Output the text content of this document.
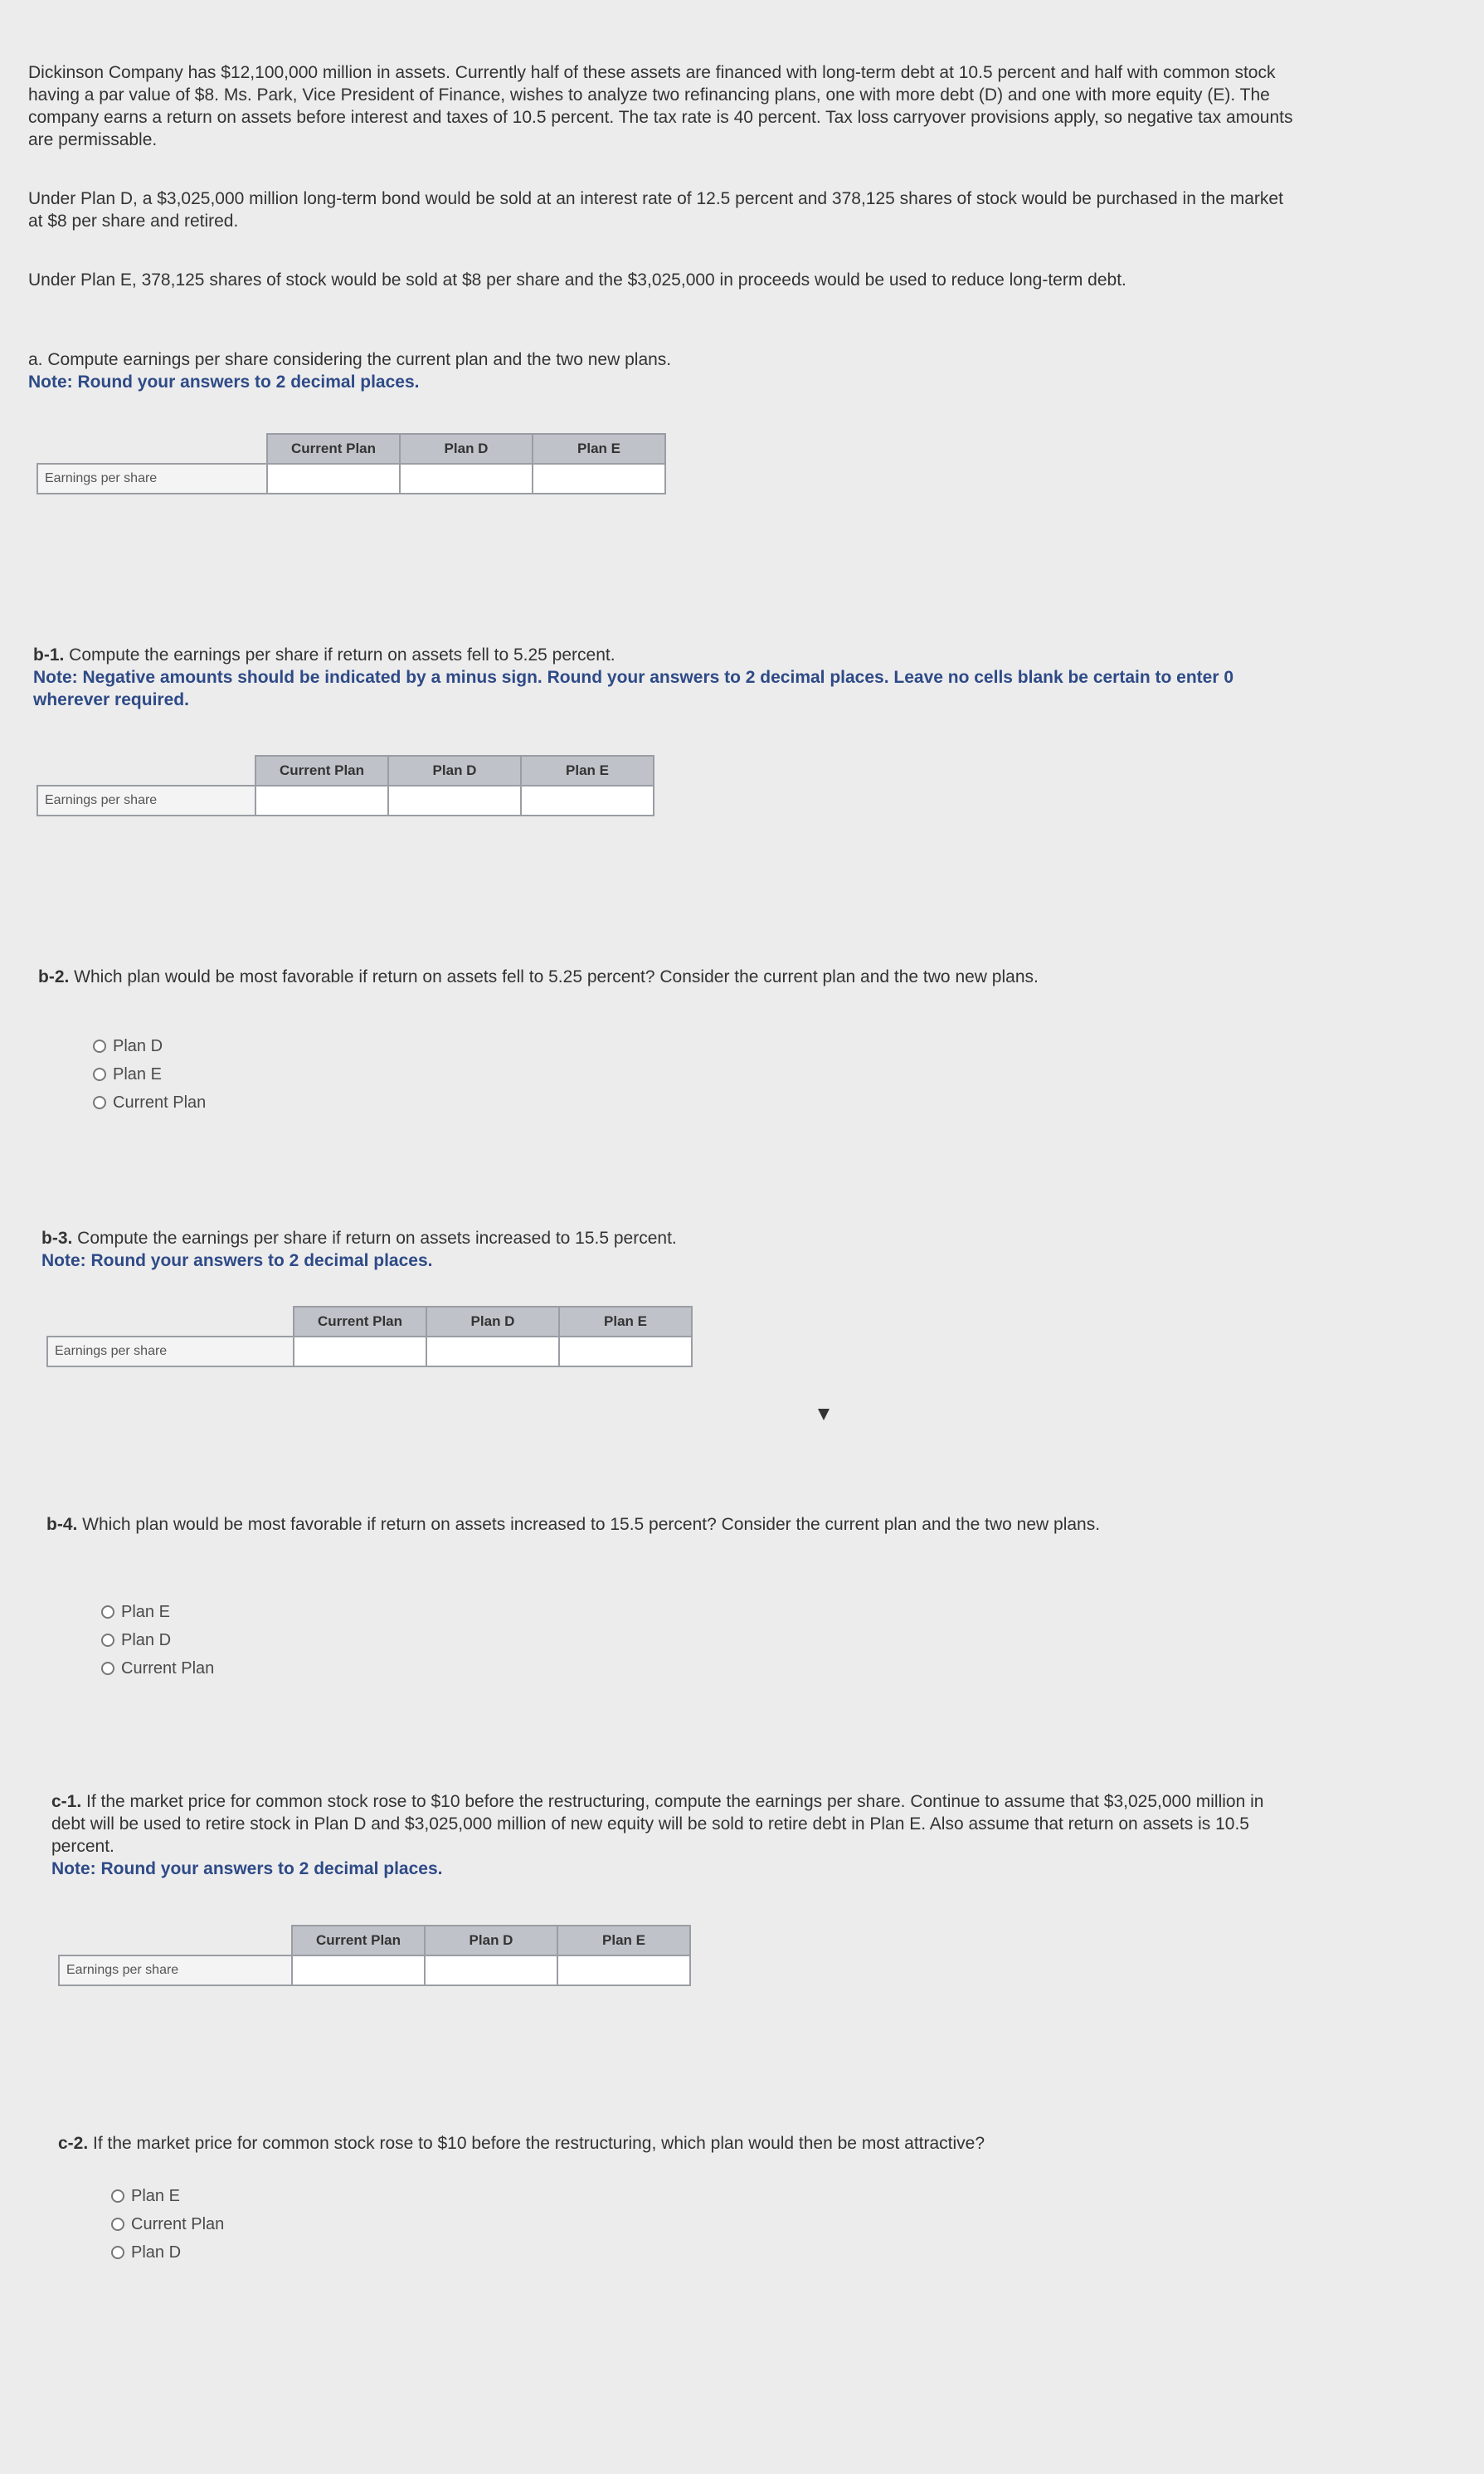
Dickinson Company has $12,100,000 million in assets. Currently half of these assets are financed with long-term debt at 10.5 percent and half with common stock having a par value of $8. Ms. Park, Vice President of Finance, wishes to analyze two refinancing plans, one with more debt (D) and one with more equity (E). The company earns a return on assets before interest and taxes of 10.5 percent. The tax rate is 40 percent. Tax loss carryover provisions apply, so negative tax amounts are permissable.

Under Plan D, a $3,025,000 million long-term bond would be sold at an interest rate of 12.5 percent and 378,125 shares of stock would be purchased in the market at $8 per share and retired.

Under Plan E, 378,125 shares of stock would be sold at $8 per share and the $3,025,000 in proceeds would be used to reduce long-term debt.

a. Compute earnings per share considering the current plan and the two new plans.

Note: Round your answers to 2 decimal places.

	Current Plan	Plan D	Plan E
Earnings per share			

b-1. Compute the earnings per share if return on assets fell to 5.25 percent.

Note: Negative amounts should be indicated by a minus sign. Round your answers to 2 decimal places. Leave no cells blank be certain to enter 0 wherever required.

	Current Plan	Plan D	Plan E
Earnings per share			

b-2. Which plan would be most favorable if return on assets fell to 5.25 percent? Consider the current plan and the two new plans.

Plan D
Plan E
Current Plan

b-3. Compute the earnings per share if return on assets increased to 15.5 percent.

Note: Round your answers to 2 decimal places.

	Current Plan	Plan D	Plan E
Earnings per share			

b-4. Which plan would be most favorable if return on assets increased to 15.5 percent? Consider the current plan and the two new plans.

Plan E
Plan D
Current Plan

c-1. If the market price for common stock rose to $10 before the restructuring, compute the earnings per share. Continue to assume that $3,025,000 million in debt will be used to retire stock in Plan D and $3,025,000 million of new equity will be sold to retire debt in Plan E. Also assume that return on assets is 10.5 percent.

Note: Round your answers to 2 decimal places.

	Current Plan	Plan D	Plan E
Earnings per share			

c-2. If the market price for common stock rose to $10 before the restructuring, which plan would then be most attractive?

Plan E
Current Plan
Plan D
